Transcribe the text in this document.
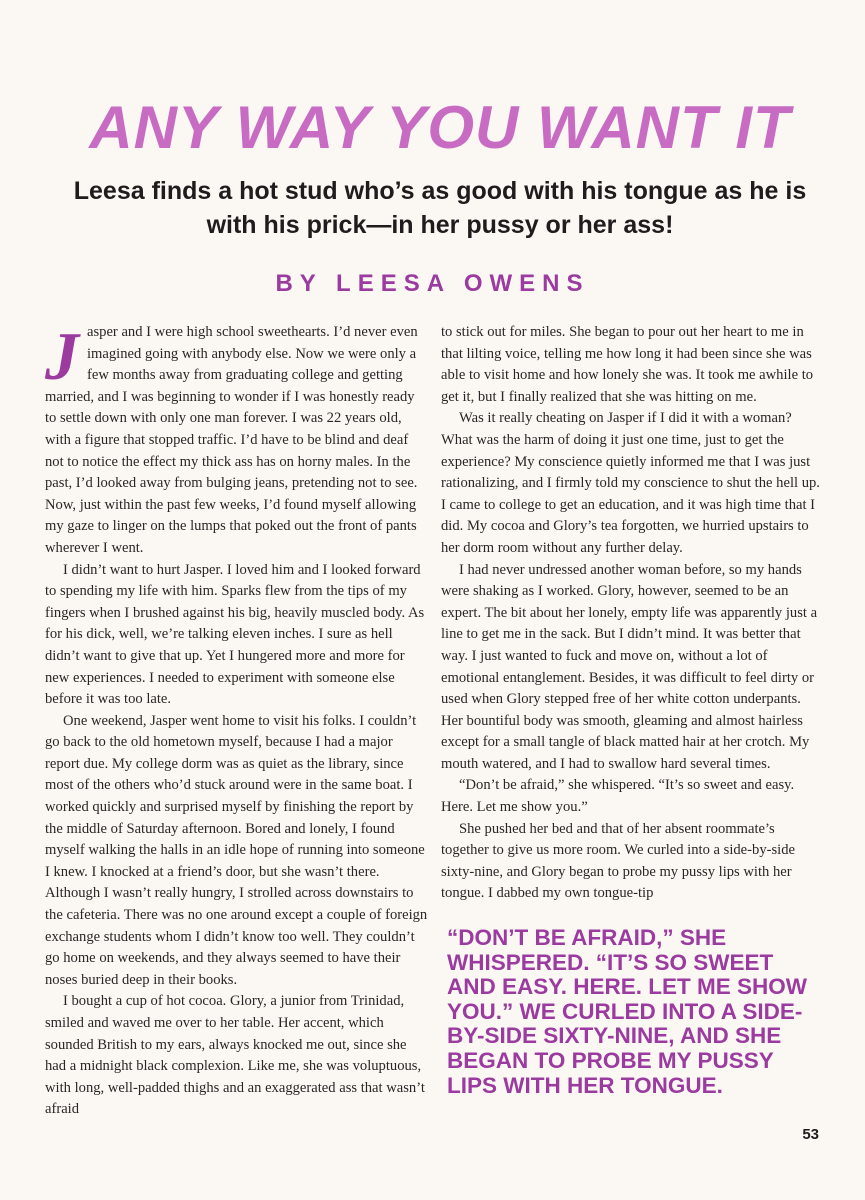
ANY WAY YOU WANT IT
Leesa finds a hot stud who’s as good with his tongue as he is with his prick—in her pussy or her ass!
BY LEESA OWENS

Jasper and I were high school sweethearts. I’d never even imagined going with anybody else. Now we were only a few months away from graduating college and getting married, and I was beginning to wonder if I was honestly ready to settle down with only one man forever. I was 22 years old, with a figure that stopped traffic. I’d have to be blind and deaf not to notice the effect my thick ass has on horny males. In the past, I’d looked away from bulging jeans, pretending not to see. Now, just within the past few weeks, I’d found myself allowing my gaze to linger on the lumps that poked out the front of pants wherever I went.

I didn’t want to hurt Jasper. I loved him and I looked forward to spending my life with him. Sparks flew from the tips of my fingers when I brushed against his big, heavily muscled body. As for his dick, well, we’re talking eleven inches. I sure as hell didn’t want to give that up. Yet I hungered more and more for new experiences. I needed to experiment with someone else before it was too late.

One weekend, Jasper went home to visit his folks. I couldn’t go back to the old hometown myself, because I had a major report due. My college dorm was as quiet as the library, since most of the others who’d stuck around were in the same boat. I worked quickly and surprised myself by finishing the report by the middle of Saturday afternoon. Bored and lonely, I found myself walking the halls in an idle hope of running into someone I knew. I knocked at a friend’s door, but she wasn’t there. Although I wasn’t really hungry, I strolled across downstairs to the cafeteria. There was no one around except a couple of foreign exchange students whom I didn’t know too well. They couldn’t go home on weekends, and they always seemed to have their noses buried deep in their books.

I bought a cup of hot cocoa. Glory, a junior from Trinidad, smiled and waved me over to her table. Her accent, which sounded British to my ears, always knocked me out, since she had a midnight black complexion. Like me, she was voluptuous, with long, well-padded thighs and an exaggerated ass that wasn’t afraid

to stick out for miles. She began to pour out her heart to me in that lilting voice, telling me how long it had been since she was able to visit home and how lonely she was. It took me awhile to get it, but I finally realized that she was hitting on me.

Was it really cheating on Jasper if I did it with a woman? What was the harm of doing it just one time, just to get the experience? My conscience quietly informed me that I was just rationalizing, and I firmly told my conscience to shut the hell up. I came to college to get an education, and it was high time that I did. My cocoa and Glory’s tea forgotten, we hurried upstairs to her dorm room without any further delay.

I had never undressed another woman before, so my hands were shaking as I worked. Glory, however, seemed to be an expert. The bit about her lonely, empty life was apparently just a line to get me in the sack. But I didn’t mind. It was better that way. I just wanted to fuck and move on, without a lot of emotional entanglement. Besides, it was difficult to feel dirty or used when Glory stepped free of her white cotton underpants. Her bountiful body was smooth, gleaming and almost hairless except for a small tangle of black matted hair at her crotch. My mouth watered, and I had to swallow hard several times.

“Don’t be afraid,” she whispered. “It’s so sweet and easy. Here. Let me show you.”

She pushed her bed and that of her absent roommate’s together to give us more room. We curled into a side-by-side sixty-nine, and Glory began to probe my pussy lips with her tongue. I dabbed my own tongue-tip

“DON’T BE AFRAID,” SHE WHISPERED. “IT’S SO SWEET AND EASY. HERE. LET ME SHOW YOU.” WE CURLED INTO A SIDE-BY-SIDE SIXTY-NINE, AND SHE BEGAN TO PROBE MY PUSSY LIPS WITH HER TONGUE.
53
